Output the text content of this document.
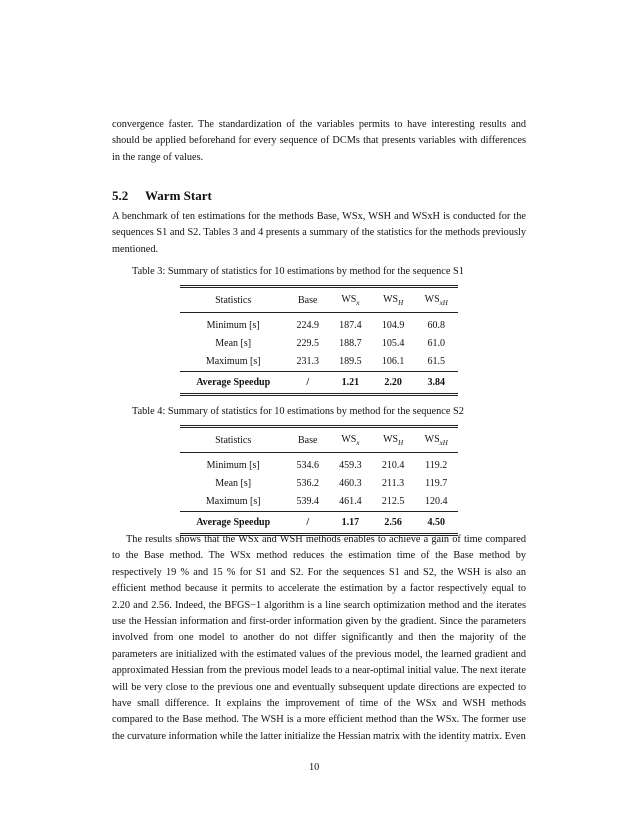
convergence faster. The standardization of the variables permits to have interesting results and should be applied beforehand for every sequence of DCMs that presents variables with differences in the range of values.

5.2 Warm Start

A benchmark of ten estimations for the methods Base, WSx, WSH and WSxH is conducted for the sequences S1 and S2. Tables 3 and 4 presents a summary of the statistics for the methods previously mentioned.

Table 3: Summary of statistics for 10 estimations by method for the sequence S1
Statistics	Base	$WS_x$	$WS_H$	$WS_{xH}$
Minimum [s]	224.9	187.4	104.9	60.8
Mean [s]	229.5	188.7	105.4	61.0
Maximum [s]	231.3	189.5	106.1	61.5
Average Speedup	/	1.21	2.20	3.84
Table 4: Summary of statistics for 10 estimations by method for the sequence S2
Statistics	Base	$WS_x$	$WS_H$	$WS_{xH}$
Minimum [s]	534.6	459.3	210.4	119.2
Mean [s]	536.2	460.3	211.3	119.7
Maximum [s]	539.4	461.4	212.5	120.4
Average Speedup	/	1.17	2.56	4.50

The results shows that the WSx and WSH methods enables to achieve a gain of time compared to the Base method. The WSx method reduces the estimation time of the Base method by respectively 19 % and 15 % for S1 and S2. For the sequences S1 and S2, the WSH is also an efficient method because it permits to accelerate the estimation by a factor respectively equal to 2.20 and 2.56. Indeed, the BFGS−1 algorithm is a line search optimization method and the iterates use the Hessian information and first-order information given by the gradient. Since the parameters involved from one model to another do not differ significantly and then the majority of the parameters are initialized with the estimated values of the previous model, the learned gradient and approximated Hessian from the previous model leads to a near-optimal initial value. The next iterate will be very close to the previous one and eventually subsequent update directions are expected to have small difference. It explains the improvement of time of the WSx and WSH methods compared to the Base method. The WSH is a more efficient method than the WSx. The former use the curvature information while the latter initialize the Hessian matrix with the identity matrix. Even

10
